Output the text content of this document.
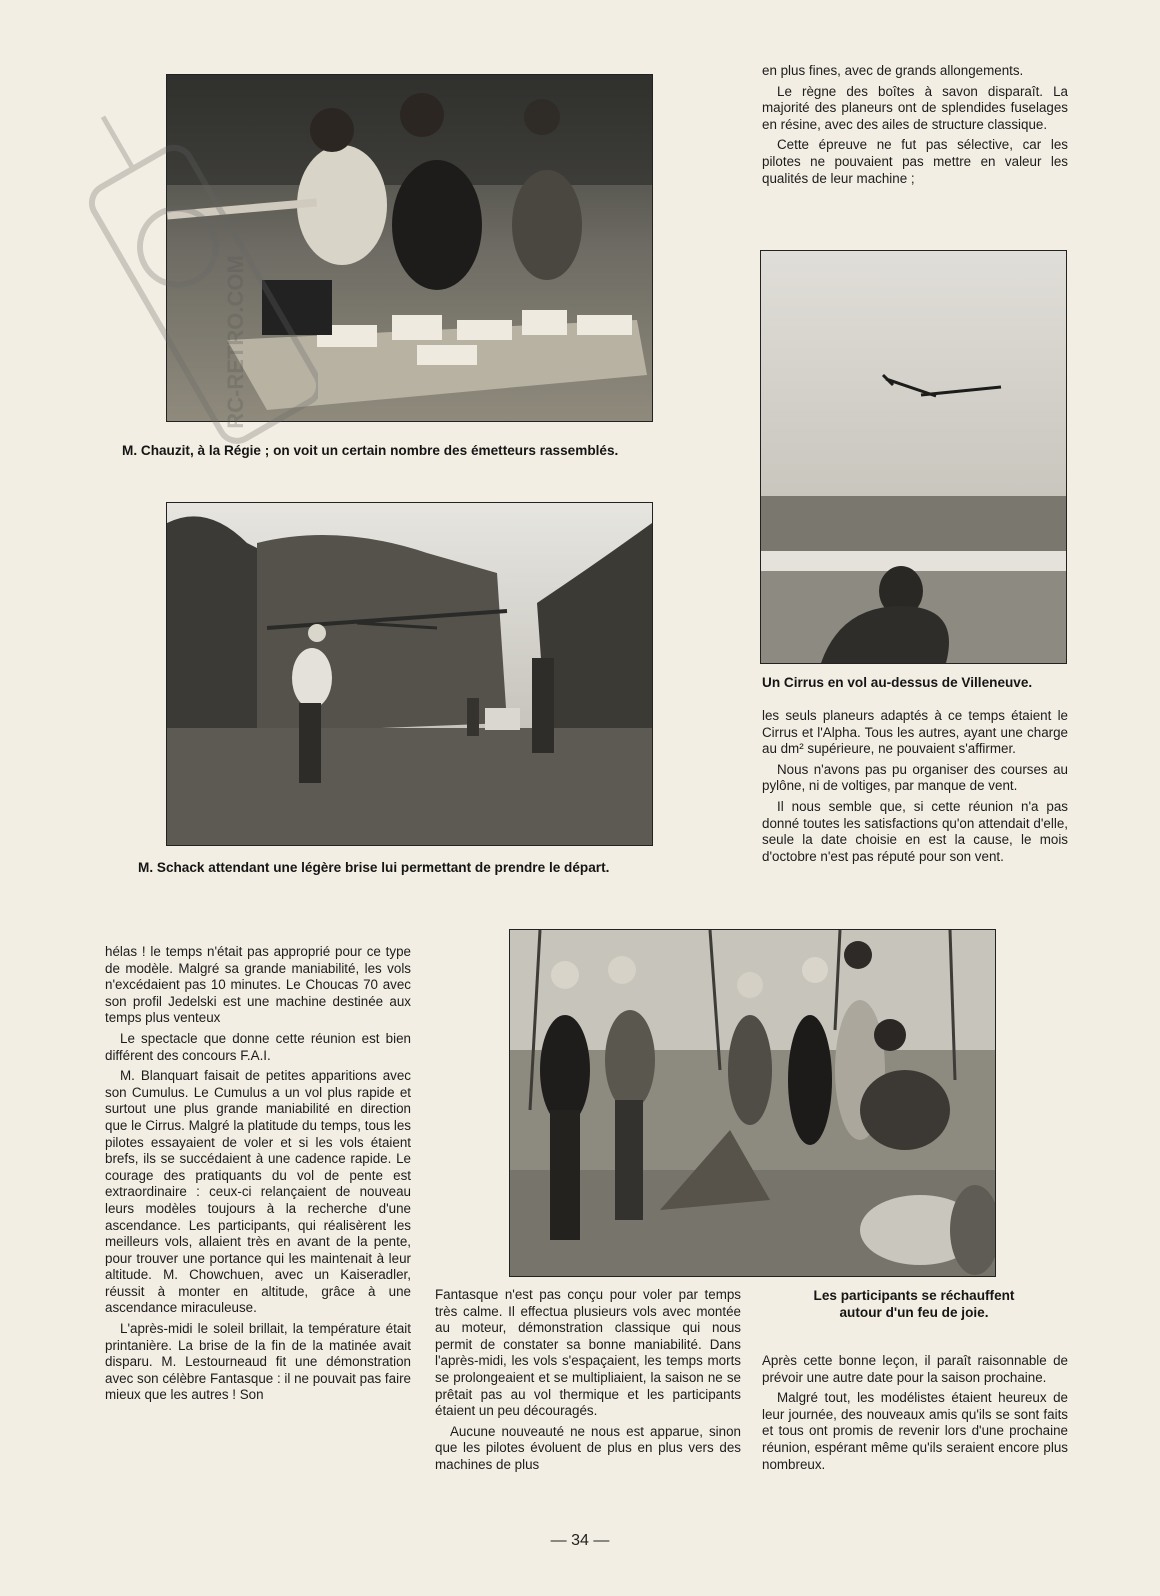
M. Chauzit, à la Régie ; on voit un certain nombre des émetteurs rassemblés.
M. Schack attendant une légère brise lui permettant de prendre le départ.
Un Cirrus en vol au-dessus de Villeneuve.
Les participants se réchauffent
autour d'un feu de joie.
RC-RETRO.COM

en plus fines, avec de grands allongements.

Le règne des boîtes à savon disparaît. La majorité des planeurs ont de splendides fuselages en résine, avec des ailes de structure classique.

Cette épreuve ne fut pas sélective, car les pilotes ne pouvaient pas mettre en valeur les qualités de leur machine ;

les seuls planeurs adaptés à ce temps étaient le Cirrus et l'Alpha. Tous les autres, ayant une charge au dm² supérieure, ne pouvaient s'affirmer.

Nous n'avons pas pu organiser des courses au pylône, ni de voltiges, par manque de vent.

Il nous semble que, si cette réunion n'a pas donné toutes les satisfactions qu'on attendait d'elle, seule la date choisie en est la cause, le mois d'octobre n'est pas réputé pour son vent.

hélas ! le temps n'était pas approprié pour ce type de modèle. Malgré sa grande maniabilité, les vols n'excédaient pas 10 minutes. Le Choucas 70 avec son profil Jedelski est une machine destinée aux temps plus venteux

Le spectacle que donne cette réunion est bien différent des concours F.A.I.

M. Blanquart faisait de petites apparitions avec son Cumulus. Le Cumulus a un vol plus rapide et surtout une plus grande maniabilité en direction que le Cirrus. Malgré la platitude du temps, tous les pilotes essayaient de voler et si les vols étaient brefs, ils se succédaient à une cadence rapide. Le courage des pratiquants du vol de pente est extraordinaire : ceux-ci relançaient de nouveau leurs modèles toujours à la recherche d'une ascendance. Les participants, qui réalisèrent les meilleurs vols, allaient très en avant de la pente, pour trouver une portance qui les maintenait à leur altitude. M. Chowchuen, avec un Kaiseradler, réussit à monter en altitude, grâce à une ascendance miraculeuse.

L'après-midi le soleil brillait, la température était printanière. La brise de la fin de la matinée avait disparu. M. Lestourneaud fit une démonstration avec son célèbre Fantasque : il ne pouvait pas faire mieux que les autres ! Son

Fantasque n'est pas conçu pour voler par temps très calme. Il effectua plusieurs vols avec montée au moteur, démonstration classique qui nous permit de constater sa bonne maniabilité. Dans l'après-midi, les vols s'espaçaient, les temps morts se prolongeaient et se multipliaient, la saison ne se prêtait pas au vol thermique et les participants étaient un peu découragés.

Aucune nouveauté ne nous est apparue, sinon que les pilotes évoluent de plus en plus vers des machines de plus

Après cette bonne leçon, il paraît raisonnable de prévoir une autre date pour la saison prochaine.

Malgré tout, les modélistes étaient heureux de leur journée, des nouveaux amis qu'ils se sont faits et tous ont promis de revenir lors d'une prochaine réunion, espérant même qu'ils seraient encore plus nombreux.

— 34 —
